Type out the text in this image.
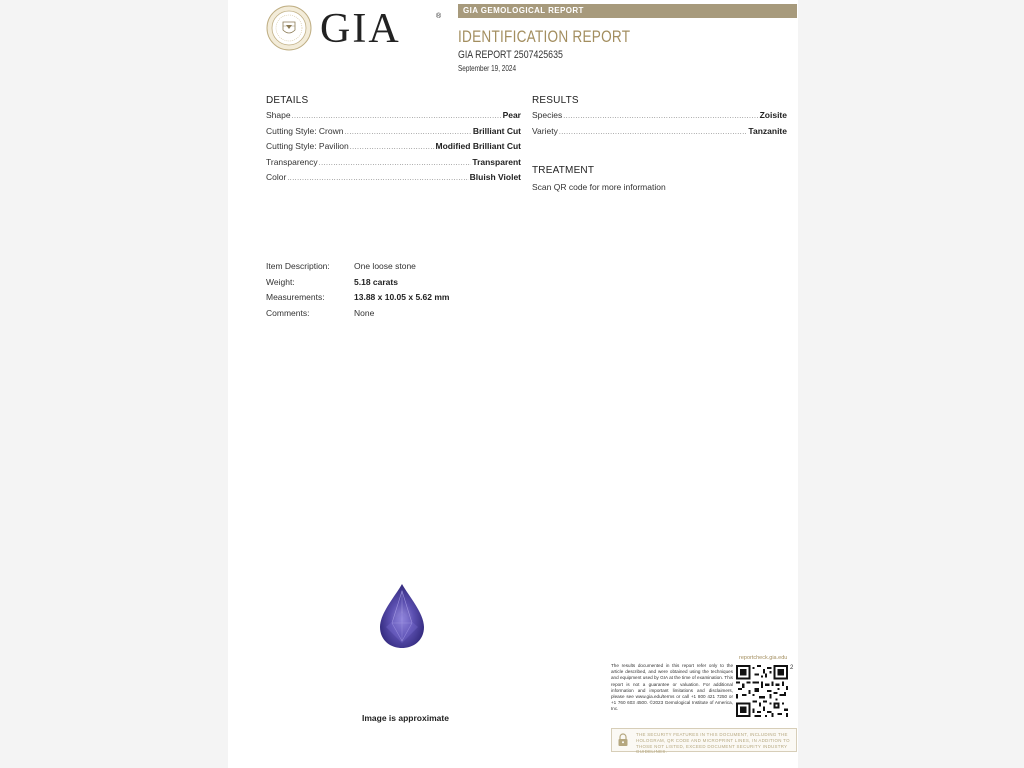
GIA	®
GIA GEMOLOGICAL REPORT
IDENTIFICATION REPORT
GIA REPORT 2507425635
September 19, 2024
DETAILS
Shape .....	Pear
Cutting Style: Crown .....	Brilliant Cut
Cutting Style: Pavilion .....	Modified Brilliant Cut
Transparency .....	Transparent
Color .....	Bluish Violet
RESULTS
Species .....	Zoisite
Variety .....	Tanzanite
TREATMENT
Scan QR code for more information
Item Description:	One loose stone
Weight:	5.18 carats
Measurements:	13.88 x 10.05 x 5.62 mm
Comments:	None
Image is approximate
reportcheck.gia.edu
The results documented in this report refer only to the article described, and were obtained using the techniques and equipment used by GIA at the time of examination. This report is not a guarantee or valuation. For additional information and important limitations and disclaimers, please see www.gia.edu/terms or call +1 800 421 7250 or +1 760 603 4500. ©2023 Gemological Institute of America, Inc.
2
THE SECURITY FEATURES IN THIS DOCUMENT, INCLUDING THE HOLOGRAM, QR CODE AND MICROPRINT LINES, IN ADDITION TO THOSE NOT LISTED, EXCEED DOCUMENT SECURITY INDUSTRY GUIDELINES.
